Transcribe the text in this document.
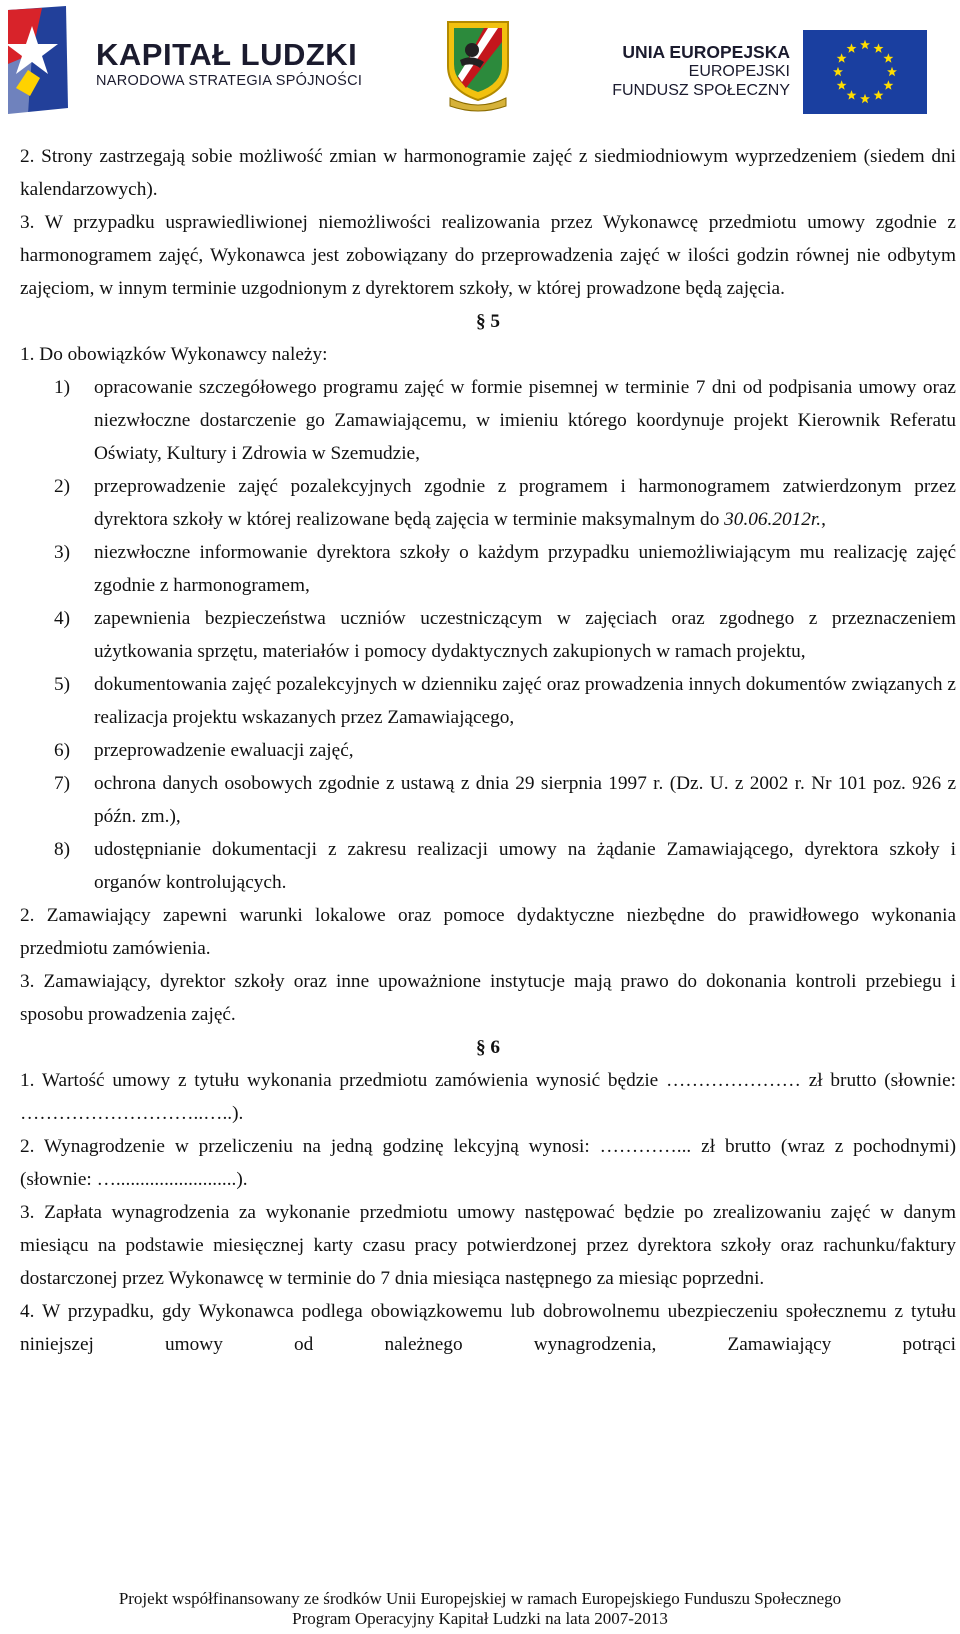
KAPITAŁ LUDZKI
NARODOWA STRATEGIA SPÓJNOŚCI
UNIA EUROPEJSKA
EUROPEJSKI
FUNDUSZ SPOŁECZNY

2. Strony zastrzegają sobie możliwość zmian w harmonogramie zajęć z siedmiodniowym wyprzedzeniem (siedem dni kalendarzowych).

3. W przypadku usprawiedliwionej niemożliwości realizowania przez Wykonawcę przedmiotu umowy zgodnie z harmonogramem zajęć, Wykonawca jest zobowiązany do przeprowadzenia zajęć w ilości godzin równej nie odbytym zajęciom, w innym terminie uzgodnionym z dyrektorem szkoły, w której prowadzone będą zajęcia.

§ 5

1. Do obowiązków Wykonawcy należy:

1) opracowanie szczegółowego programu zajęć w formie pisemnej w terminie 7 dni od podpisania umowy oraz niezwłoczne dostarczenie go Zamawiającemu, w imieniu którego koordynuje projekt Kierownik Referatu Oświaty, Kultury i Zdrowia w Szemudzie,
2) przeprowadzenie zajęć pozalekcyjnych zgodnie z programem i harmonogramem zatwierdzonym przez dyrektora szkoły w której realizowane będą zajęcia w terminie maksymalnym do 30.06.2012r.,
3) niezwłoczne informowanie dyrektora szkoły o każdym przypadku uniemożliwiającym mu realizację zajęć zgodnie z harmonogramem,
4) zapewnienia bezpieczeństwa uczniów uczestniczącym w zajęciach oraz zgodnego z przeznaczeniem użytkowania sprzętu, materiałów i pomocy dydaktycznych zakupionych w ramach projektu,
5) dokumentowania zajęć pozalekcyjnych w dzienniku zajęć oraz prowadzenia innych dokumentów związanych z realizacja projektu wskazanych przez Zamawiającego,
6) przeprowadzenie ewaluacji zajęć,
7) ochrona danych osobowych zgodnie z ustawą z dnia 29 sierpnia 1997 r. (Dz. U. z 2002 r. Nr 101 poz. 926 z późn. zm.),
8) udostępnianie dokumentacji z zakresu realizacji umowy na żądanie Zamawiającego, dyrektora szkoły i organów kontrolujących.

2. Zamawiający zapewni warunki lokalowe oraz pomoce dydaktyczne niezbędne do prawidłowego wykonania przedmiotu zamówienia.

3. Zamawiający, dyrektor szkoły oraz inne upoważnione instytucje mają prawo do dokonania kontroli przebiegu i sposobu prowadzenia zajęć.

§ 6

1. Wartość umowy z tytułu wykonania przedmiotu zamówienia wynosić będzie ………………… zł brutto (słownie: ………………………..…..).

2. Wynagrodzenie w przeliczeniu na jedną godzinę lekcyjną wynosi: …………... zł brutto (wraz z pochodnymi) (słownie: ….........................).

3. Zapłata wynagrodzenia za wykonanie przedmiotu umowy następować będzie po zrealizowaniu zajęć w danym miesiącu na podstawie miesięcznej karty czasu pracy potwierdzonej przez dyrektora szkoły oraz rachunku/faktury dostarczonej przez Wykonawcę w terminie do 7 dnia miesiąca następnego za miesiąc poprzedni.

4. W przypadku, gdy Wykonawca podlega obowiązkowemu lub dobrowolnemu ubezpieczeniu społecznemu z tytułu niniejszej umowy od należnego wynagrodzenia, Zamawiający potrąci

Projekt współfinansowany ze środków Unii Europejskiej w ramach Europejskiego Funduszu Społecznego
Program Operacyjny Kapitał Ludzki na lata 2007-2013
